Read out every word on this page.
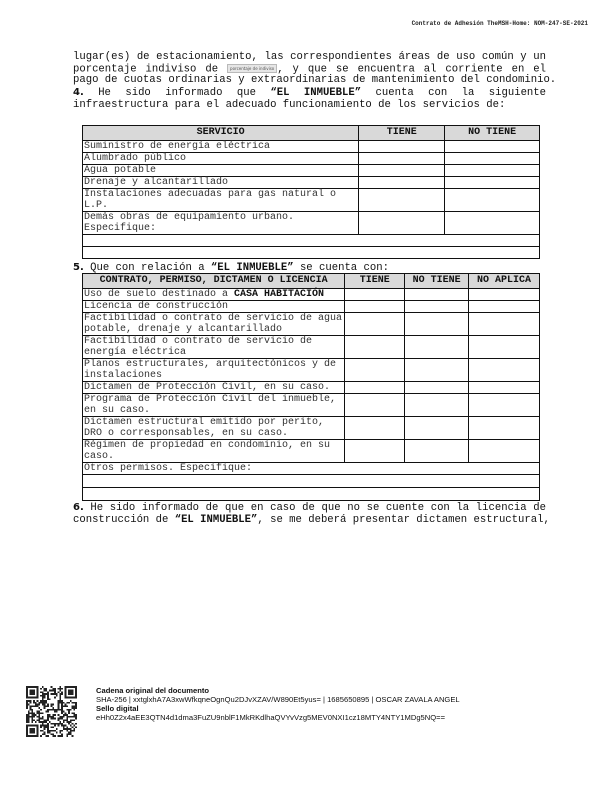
Contrato de Adhesión TheMSH-Home: NOM-247-SE-2021
lugar(es) de estacionamiento, las correspondientes áreas de uso común y un
porcentaje indiviso de	porcentaje de indiviso , y que se encuentra al corriente en el
pago de cuotas ordinarias y extraordinarias de mantenimiento del condominio.
4. He sido informado que “EL INMUEBLE” cuenta con la siguiente
infraestructura para el adecuado funcionamiento de los servicios de:
SERVICIO	TIENE	NO TIENE
Suministro de energía eléctrica		
Alumbrado público		
Agua potable		
Drenaje y alcantarillado		
Instalaciones adecuadas para gas natural o L.P.		
Demás obras de equipamiento urbano. Especifique:		

5. Que con relación a “EL INMUEBLE” se cuenta con:
CONTRATO, PERMISO, DICTAMEN O LICENCIA	TIENE	NO TIENE	NO APLICA
Uso de suelo destinado a CASA HABITACIÓN			
Licencia de construcción			
Factibilidad o contrato de servicio de agua potable, drenaje y alcantarillado			
Factibilidad o contrato de servicio de energía eléctrica			
Planos estructurales, arquitectónicos y de instalaciones			
Dictamen de Protección Civil, en su caso.			
Programa de Protección Civil del inmueble, en su caso.			
Dictamen estructural emitido por perito, DRO o corresponsables, en su caso.			
Régimen de propiedad en condominio, en su caso.			
Otros permisos. Especifique:			

6. He sido informado de que en caso de que no se cuente con la licencia de
construcción de “EL INMUEBLE”, se me deberá presentar dictamen estructural,
Cadena original del documento
SHA-256 | xxtglxhA7A3xwWfkqneOgnQu2DJvXZAV/W890Et5yus= | 1685650895 | OSCAR ZAVALA ANGEL
Sello digital
eHh0Z2x4aEE3QTN4d1dma3FuZU9nblF1MkRKdlhaQVYvVzg5MEV0NXI1cz18MTY4NTY1MDg5NQ==
